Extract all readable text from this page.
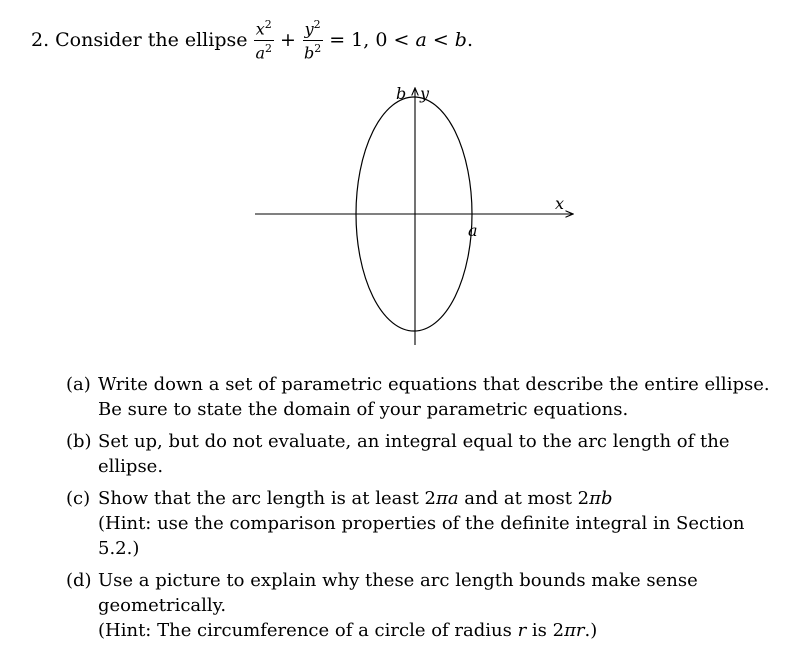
2. Consider the ellipse $\frac{x^2}{a^2} + \frac{y^2}{b^2} = 1$, 0 < a < b.
b y
x
a
(a) Write down a set of parametric equations that describe the entire ellipse. Be sure to state the domain of your parametric equations.
(b) Set up, but do not evaluate, an integral equal to the arc length of the ellipse.
(c) Show that the arc length is at least 2πa and at most 2πb
(Hint: use the comparison properties of the definite integral in Section 5.2.)
(d) Use a picture to explain why these arc length bounds make sense geometrically.
(Hint: The circumference of a circle of radius r is 2πr.)
